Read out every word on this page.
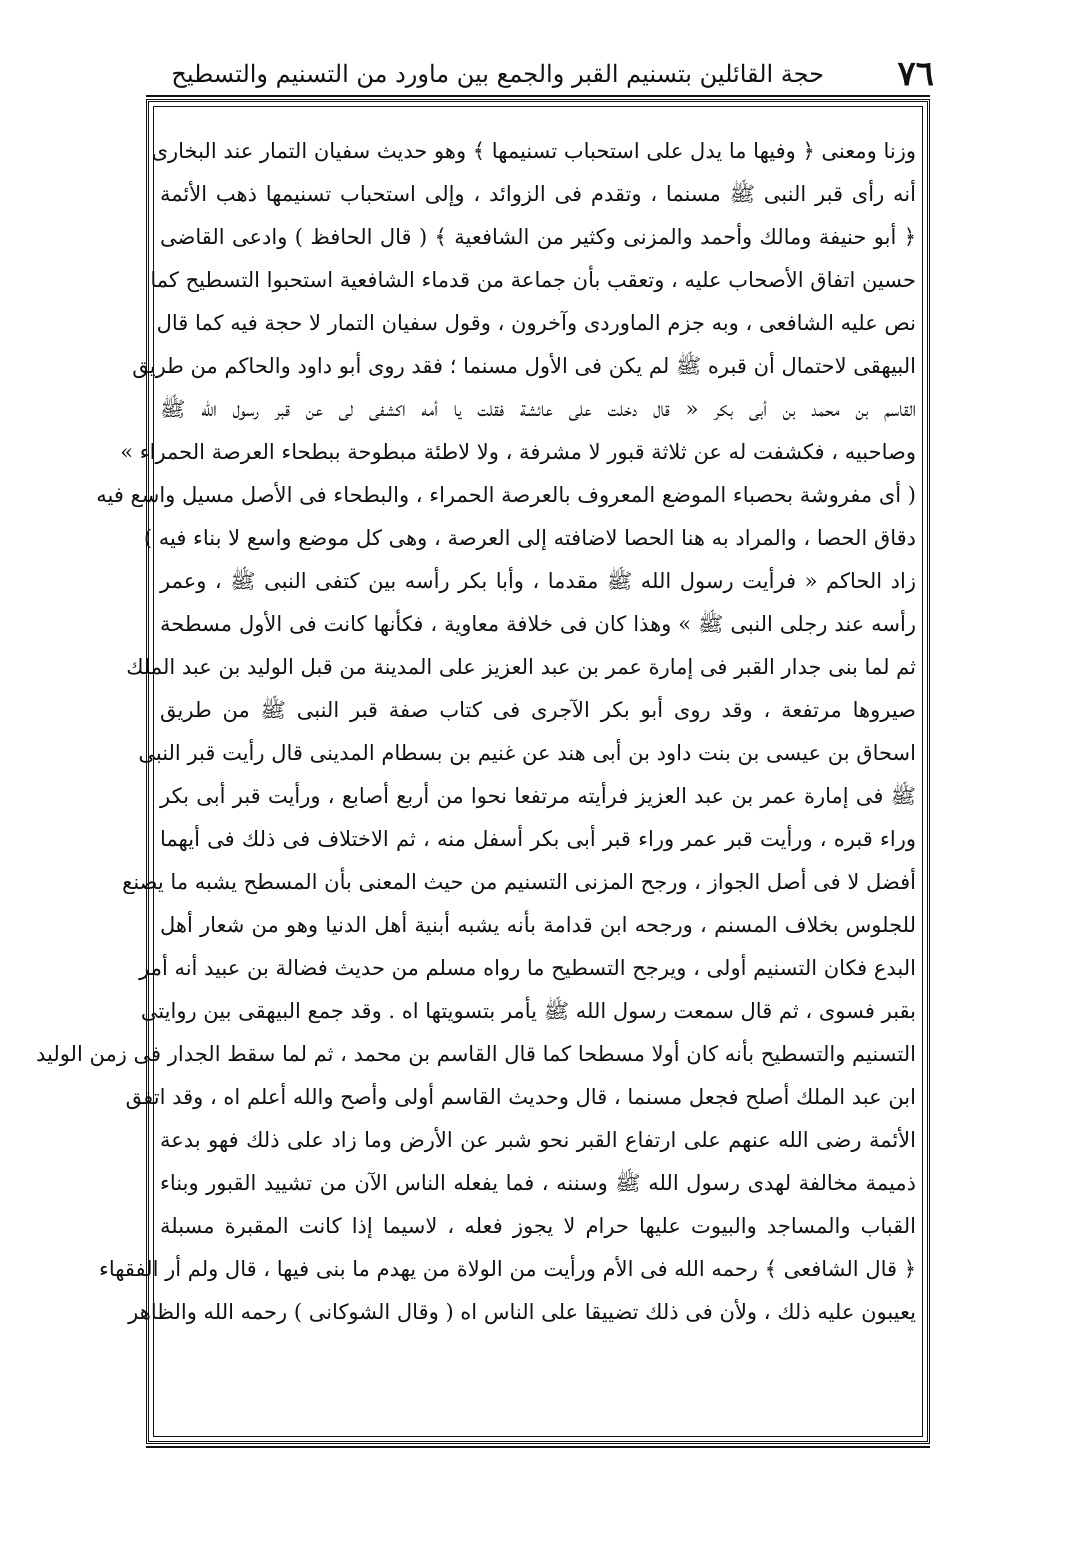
٧٦
حجة القائلين بتسنيم القبر والجمع بين ماورد من التسنيم والتسطيح
وزنا ومعنى ﴿ وفيها ما يدل على استحباب تسنيمها ﴾ وهو حديث سفيان التمار عند البخارى
أنه رأى قبر النبى ﷺ مسنما ، وتقدم فى الزوائد ، وإلى استحباب تسنيمها ذهب الأئمة
﴿ أبو حنيفة ومالك وأحمد والمزنى وكثير من الشافعية ﴾ ( قال الحافظ ) وادعى القاضى
حسين اتفاق الأصحاب عليه ، وتعقب بأن جماعة من قدماء الشافعية استحبوا التسطيح كما
نص عليه الشافعى ، وبه جزم الماوردى وآخرون ، وقول سفيان التمار لا حجة فيه كما قال
البيهقى لاحتمال أن قبره ﷺ لم يكن فى الأول مسنما ؛ فقد روى أبو داود والحاكم من طريق
القاسم بن محمد بن أبى بكر « قال دخلت على عائشة فقلت يا أمه اكشفى لى عن قبر رسول الله ﷺ
وصاحبيه ، فكشفت له عن ثلاثة قبور لا مشرفة ، ولا لاطئة مبطوحة ببطحاء العرصة الحمراء »
( أى مفروشة بحصباء الموضع المعروف بالعرصة الحمراء ، والبطحاء فى الأصل مسيل واسع فيه
دقاق الحصا ، والمراد به هنا الحصا لاضافته إلى العرصة ، وهى كل موضع واسع لا بناء فيه )
زاد الحاكم « فرأيت رسول الله ﷺ مقدما ، وأبا بكر رأسه بين كتفى النبى ﷺ ، وعمر
رأسه عند رجلى النبى ﷺ » وهذا كان فى خلافة معاوية ، فكأنها كانت فى الأول مسطحة
ثم لما بنى جدار القبر فى إمارة عمر بن عبد العزيز على المدينة من قبل الوليد بن عبد الملك
صيروها مرتفعة ، وقد روى أبو بكر الآجرى فى كتاب صفة قبر النبى ﷺ من طريق
اسحاق بن عيسى بن بنت داود بن أبى هند عن غنيم بن بسطام المدينى قال رأيت قبر النبى
ﷺ فى إمارة عمر بن عبد العزيز فرأيته مرتفعا نحوا من أربع أصابع ، ورأيت قبر أبى بكر
وراء قبره ، ورأيت قبر عمر وراء قبر أبى بكر أسفل منه ، ثم الاختلاف فى ذلك فى أيهما
أفضل لا فى أصل الجواز ، ورجح المزنى التسنيم من حيث المعنى بأن المسطح يشبه ما يصنع
للجلوس بخلاف المسنم ، ورجحه ابن قدامة بأنه يشبه أبنية أهل الدنيا وهو من شعار أهل
البدع فكان التسنيم أولى ، ويرجح التسطيح ما رواه مسلم من حديث فضالة بن عبيد أنه أمر
بقبر فسوى ، ثم قال سمعت رسول الله ﷺ يأمر بتسويتها اه . وقد جمع البيهقى بين روايتى
التسنيم والتسطيح بأنه كان أولا مسطحا كما قال القاسم بن محمد ، ثم لما سقط الجدار فى زمن الوليد
ابن عبد الملك أصلح فجعل مسنما ، قال وحديث القاسم أولى وأصح والله أعلم اه ، وقد اتفق
الأئمة رضى الله عنهم على ارتفاع القبر نحو شبر عن الأرض وما زاد على ذلك فهو بدعة
ذميمة مخالفة لهدى رسول الله ﷺ وسننه ، فما يفعله الناس الآن من تشييد القبور وبناء
القباب والمساجد والبيوت عليها حرام لا يجوز فعله ، لاسيما إذا كانت المقبرة مسبلة
﴿ قال الشافعى ﴾ رحمه الله فى الأم ورأيت من الولاة من يهدم ما بنى فيها ، قال ولم أر الفقهاء
يعيبون عليه ذلك ، ولأن فى ذلك تضييقا على الناس اه ( وقال الشوكانى ) رحمه الله والظاهر
